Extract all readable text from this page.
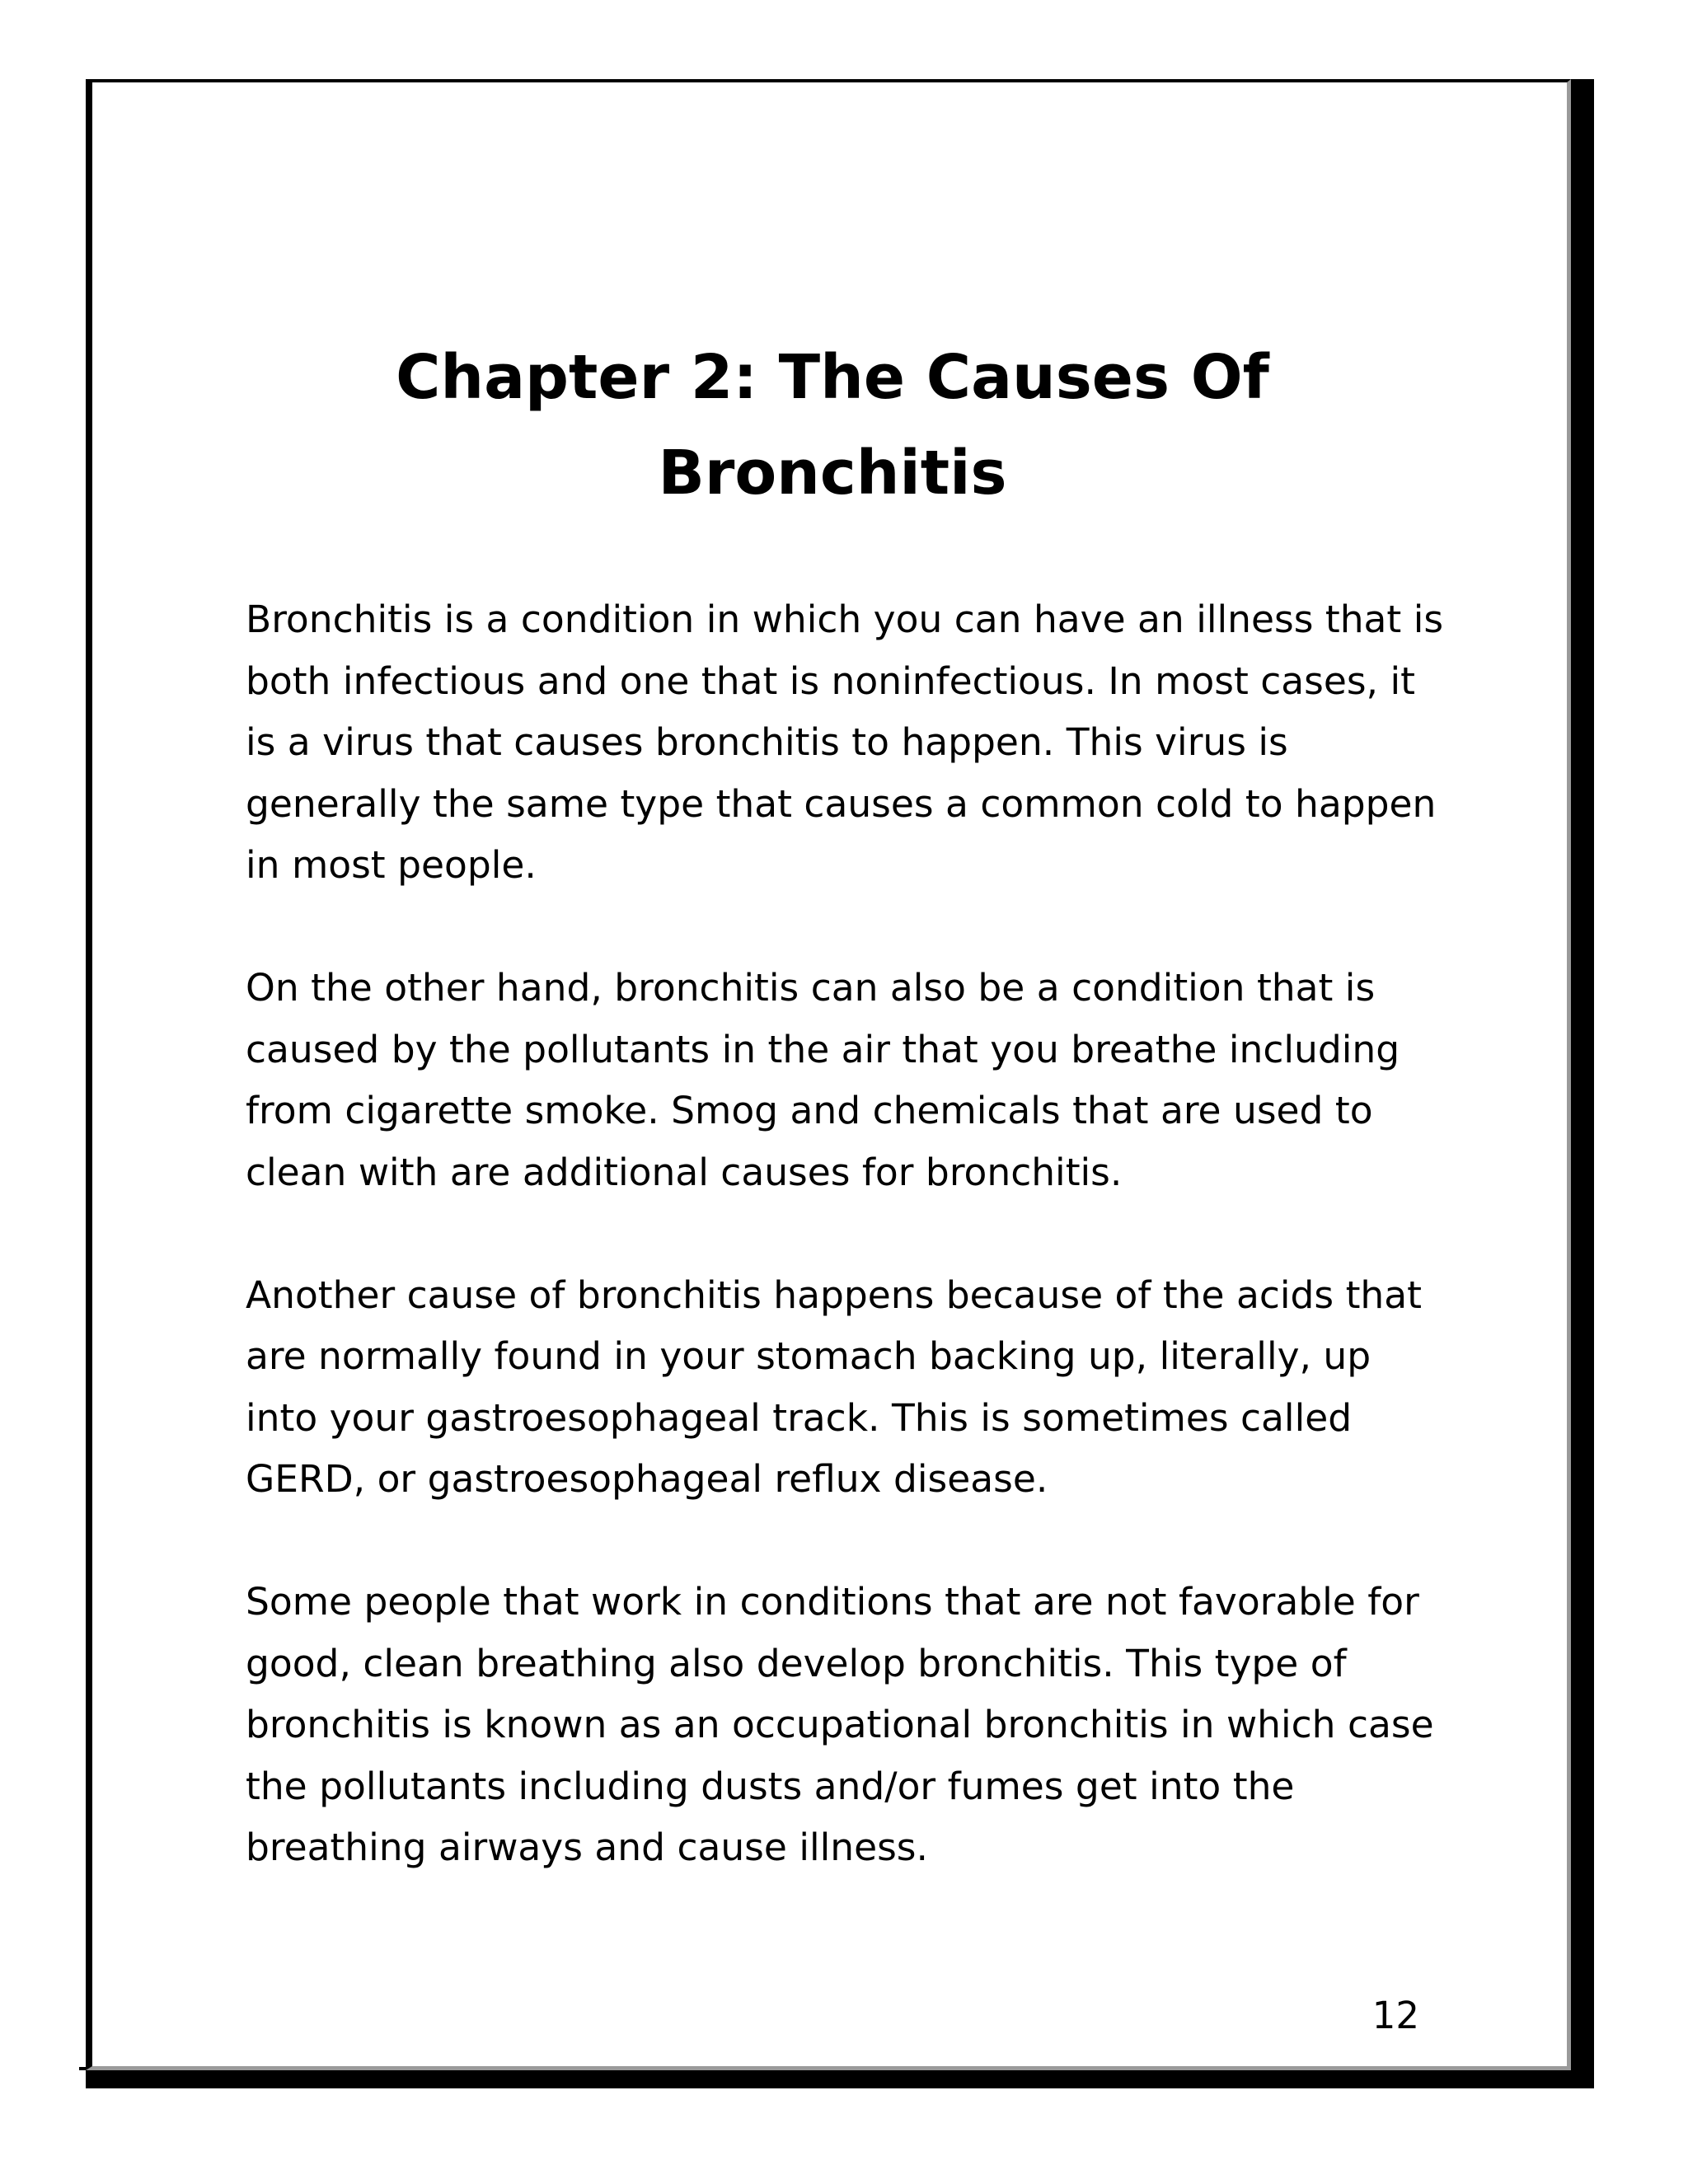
Chapter 2: The Causes Of
Bronchitis

Bronchitis is a condition in which you can have an illness that is both infectious and one that is noninfectious. In most cases, it is a virus that causes bronchitis to happen. This virus is generally the same type that causes a common cold to happen in most people.

On the other hand, bronchitis can also be a condition that is caused by the pollutants in the air that you breathe including from cigarette smoke. Smog and chemicals that are used to clean with are additional causes for bronchitis.

Another cause of bronchitis happens because of the acids that are normally found in your stomach backing up, literally, up into your gastroesophageal track. This is sometimes called GERD, or gastroesophageal reflux disease.

Some people that work in conditions that are not favorable for good, clean breathing also develop bronchitis. This type of bronchitis is known as an occupational bronchitis in which case the pollutants including dusts and/or fumes get into the breathing airways and cause illness.

12
